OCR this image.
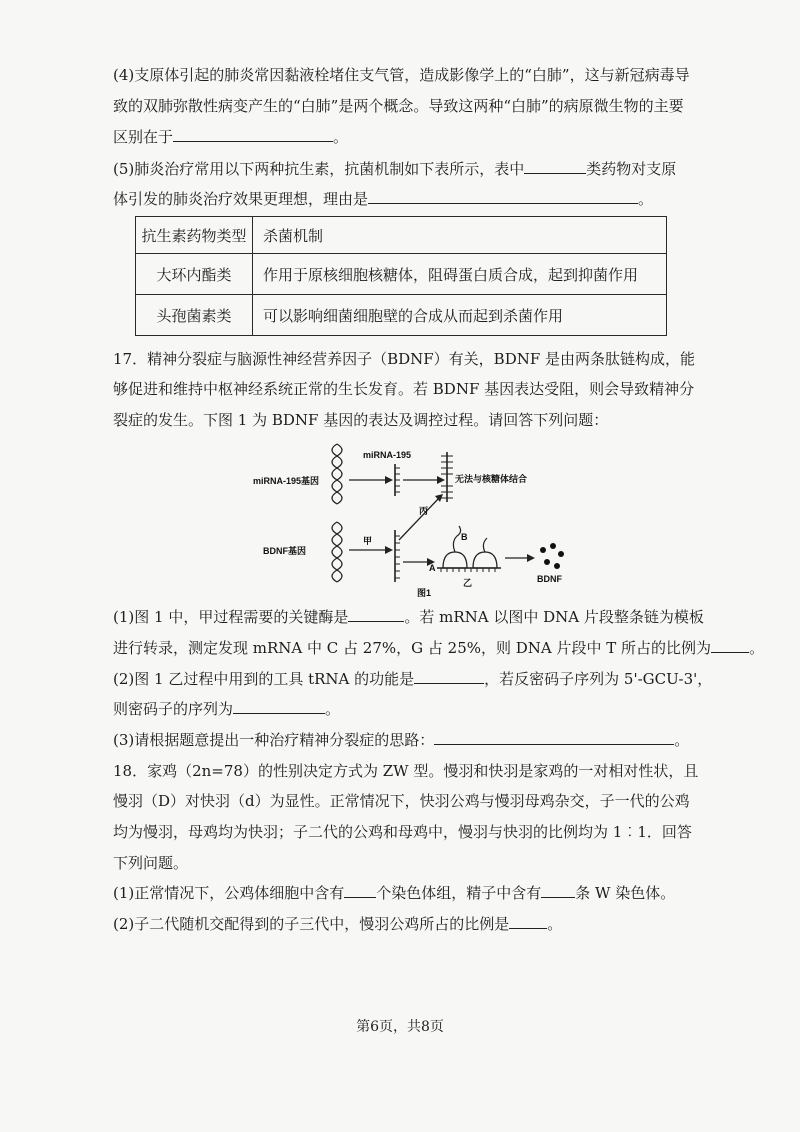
(4)支原体引起的肺炎常因黏液栓堵住支气管，造成影像学上的“白肺”，这与新冠病毒导

致的双肺弥散性病变产生的“白肺”是两个概念。导致这两种“白肺”的病原微生物的主要

区别在于	。

(5)肺炎治疗常用以下两种抗生素，抗菌机制如下表所示，表中	类药物对支原

体引发的肺炎治疗效果更理想，理由是	。

抗生素药物类型	杀菌机制
大环内酯类	作用于原核细胞核糖体，阻碍蛋白质合成，起到抑菌作用
头孢菌素类	可以影响细菌细胞壁的合成从而起到杀菌作用

17．精神分裂症与脑源性神经营养因子（BDNF）有关，BDNF 是由两条肽链构成，能

够促进和维持中枢神经系统正常的生长发育。若 BDNF 基因表达受阻，则会导致精神分

裂症的发生。下图 1 为 BDNF 基因的表达及调控过程。请回答下列问题：

miRNA-195基因
miRNA-195
无法与核糖体结合
丙
BDNF基因
甲
A
B
乙	BDNF
图1

(1)图 1 中，甲过程需要的关键酶是	。若 mRNA 以图中 DNA 片段整条链为模板

进行转录，测定发现 mRNA 中 C 占 27%，G 占 25%，则 DNA 片段中 T 所占的比例为	。

(2)图 1 乙过程中用到的工具 tRNA 的功能是	，若反密码子序列为 5'-GCU-3'，

则密码子的序列为	。

(3)请根据题意提出一种治疗精神分裂症的思路：	。

18．家鸡（2n=78）的性别决定方式为 ZW 型。慢羽和快羽是家鸡的一对相对性状，且

慢羽（D）对快羽（d）为显性。正常情况下，快羽公鸡与慢羽母鸡杂交，子一代的公鸡

均为慢羽，母鸡均为快羽；子二代的公鸡和母鸡中，慢羽与快羽的比例均为 1︰1．回答

下列问题。

(1)正常情况下，公鸡体细胞中含有 个染色体组，精子中含有 条 W 染色体。

(2)子二代随机交配得到的子三代中，慢羽公鸡所占的比例是	。

第6页，共8页
